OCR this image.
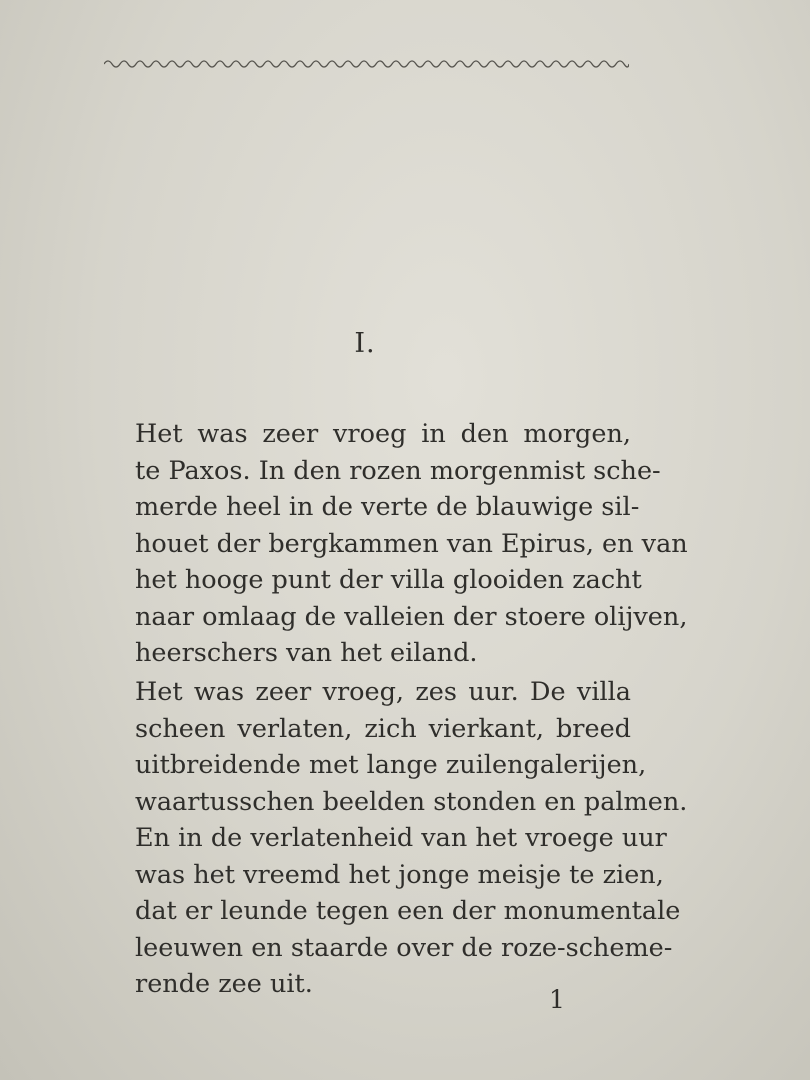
I.
Het was zeer vroeg in den morgen,
te Paxos. In den rozen morgenmist sche-
merde heel in de verte de blauwige sil-
houet der bergkammen van Epirus, en van
het hooge punt der villa glooiden zacht
naar omlaag de valleien der stoere olijven,
heerschers van het eiland.
Het was zeer vroeg, zes uur. De villa
scheen verlaten, zich vierkant, breed
uitbreidende met lange zuilengalerijen,
waartusschen beelden stonden en palmen.
En in de verlatenheid van het vroege uur
was het vreemd het jonge meisje te zien,
dat er leunde tegen een der monumentale
leeuwen en staarde over de roze-scheme-
rende zee uit.
1
